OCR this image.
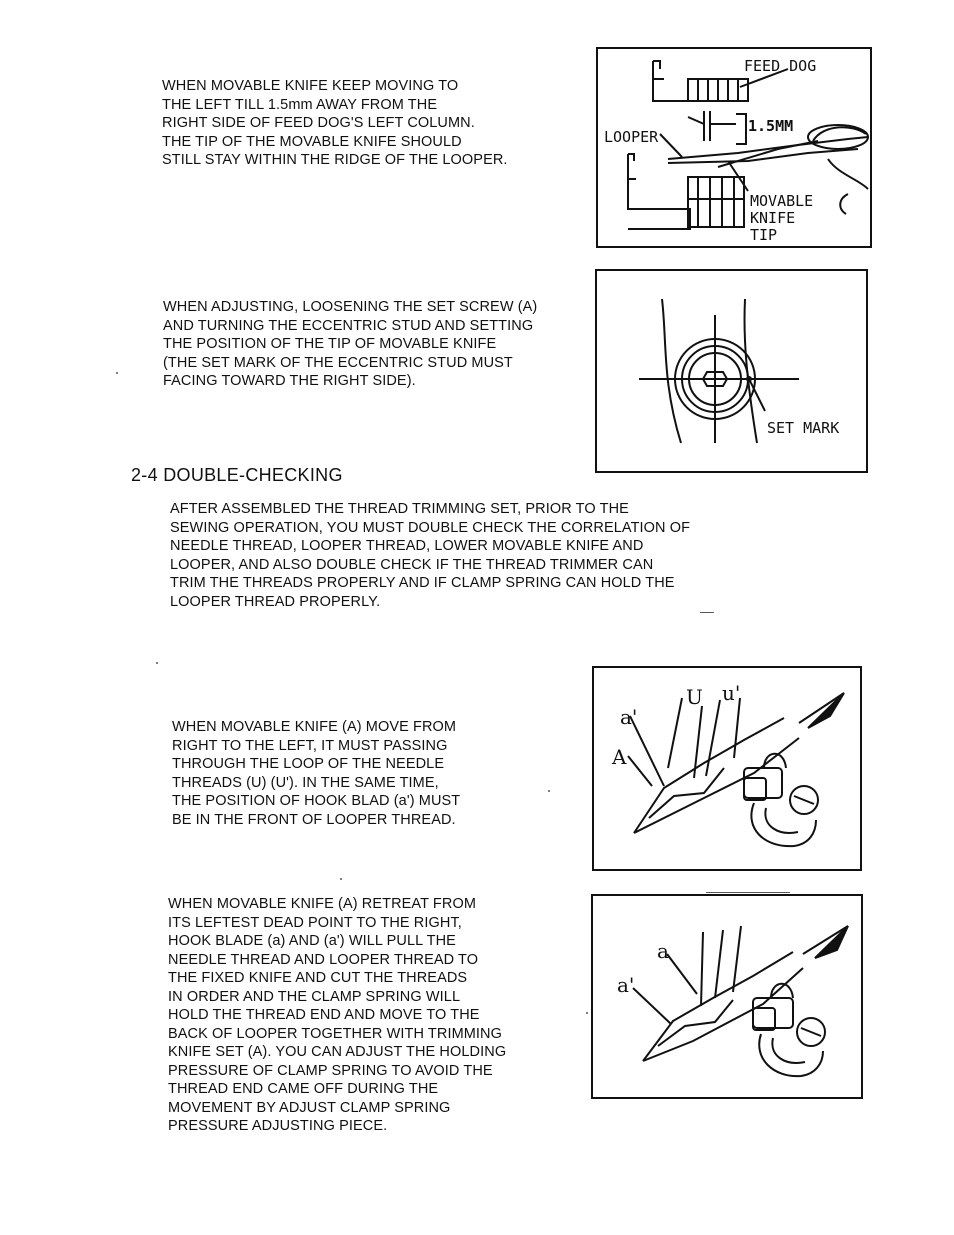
WHEN MOVABLE KNIFE KEEP MOVING TO
THE LEFT TILL 1.5mm AWAY FROM THE
RIGHT SIDE OF FEED DOG'S LEFT COLUMN.
THE TIP OF THE MOVABLE KNIFE SHOULD
STILL STAY WITHIN THE RIDGE OF THE LOOPER.

FEED DOG
LOOPER
1.5MM
MOVABLE
KNIFE
TIP

WHEN ADJUSTING, LOOSENING THE SET SCREW (A)
AND TURNING THE ECCENTRIC STUD AND SETTING
THE POSITION OF THE TIP OF MOVABLE KNIFE
(THE SET MARK OF THE ECCENTRIC STUD MUST
FACING TOWARD THE RIGHT SIDE).

SET MARK
2-4 DOUBLE-CHECKING

AFTER ASSEMBLED THE THREAD TRIMMING SET, PRIOR TO THE
SEWING OPERATION, YOU MUST DOUBLE CHECK THE CORRELATION OF
NEEDLE THREAD, LOOPER THREAD, LOWER MOVABLE KNIFE AND
LOOPER, AND ALSO DOUBLE CHECK IF THE THREAD TRIMMER CAN
TRIM THE THREADS PROPERLY AND IF CLAMP SPRING CAN HOLD THE
LOOPER THREAD PROPERLY.

WHEN MOVABLE KNIFE (A) MOVE FROM
RIGHT TO THE LEFT, IT MUST PASSING
THROUGH THE LOOP OF THE NEEDLE
THREADS (U) (U'). IN THE SAME TIME,
THE POSITION OF HOOK BLAD (a') MUST
BE IN THE FRONT OF LOOPER THREAD.

a'
U u'
A

WHEN MOVABLE KNIFE (A) RETREAT FROM
ITS LEFTEST DEAD POINT TO THE RIGHT,
HOOK BLADE (a) AND (a') WILL PULL THE
NEEDLE THREAD AND LOOPER THREAD TO
THE FIXED KNIFE AND CUT THE THREADS
IN ORDER AND THE CLAMP SPRING WILL
HOLD THE THREAD END AND MOVE TO THE
BACK OF LOOPER TOGETHER WITH TRIMMING
KNIFE SET (A). YOU CAN ADJUST THE HOLDING
PRESSURE OF CLAMP SPRING TO AVOID THE
THREAD END CAME OFF DURING THE
MOVEMENT BY ADJUST CLAMP SPRING
PRESSURE ADJUSTING PIECE.

a
a'
